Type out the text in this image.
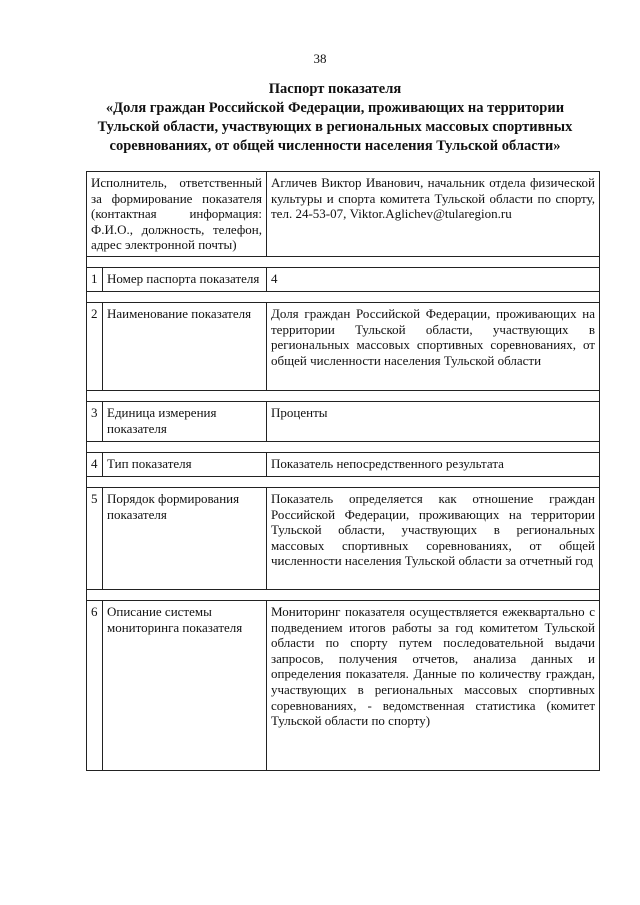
38
Паспорт показателя
«Доля граждан Российской Федерации, проживающих на территории
Тульской области, участвующих в региональных массовых спортивных
соревнованиях, от общей численности населения Тульской области»
Исполнитель, ответственный за формирование показателя (контактная информация: Ф.И.О., должность, телефон, адрес электронной почты)		Агличев Виктор Иванович, начальник отдела физической культуры и спорта комитета Тульской области по спорту, тел. 24-53-07, Viktor.Aglichev@tularegion.ru

1	Номер паспорта показателя	4

2	Наименование показателя	Доля граждан Российской Федерации, проживающих на территории Тульской области, участвующих в региональных массовых спортивных соревнованиях, от общей численности населения Тульской области

3	Единица измерения показателя	Проценты

4	Тип показателя	Показатель непосредственного результата

5	Порядок формирования показателя	Показатель определяется как отношение граждан Российской Федерации, проживающих на территории Тульской области, участвующих в региональных массовых спортивных соревнованиях, от общей численности населения Тульской области за отчетный год

6	Описание системы мониторинга показателя	Мониторинг показателя осуществляется ежеквартально с подведением итогов работы за год комитетом Тульской области по спорту путем последовательной выдачи запросов, получения отчетов, анализа данных и определения показателя. Данные по количеству граждан, участвующих в региональных массовых спортивных соревнованиях, - ведомственная статистика (комитет Тульской области по спорту)
